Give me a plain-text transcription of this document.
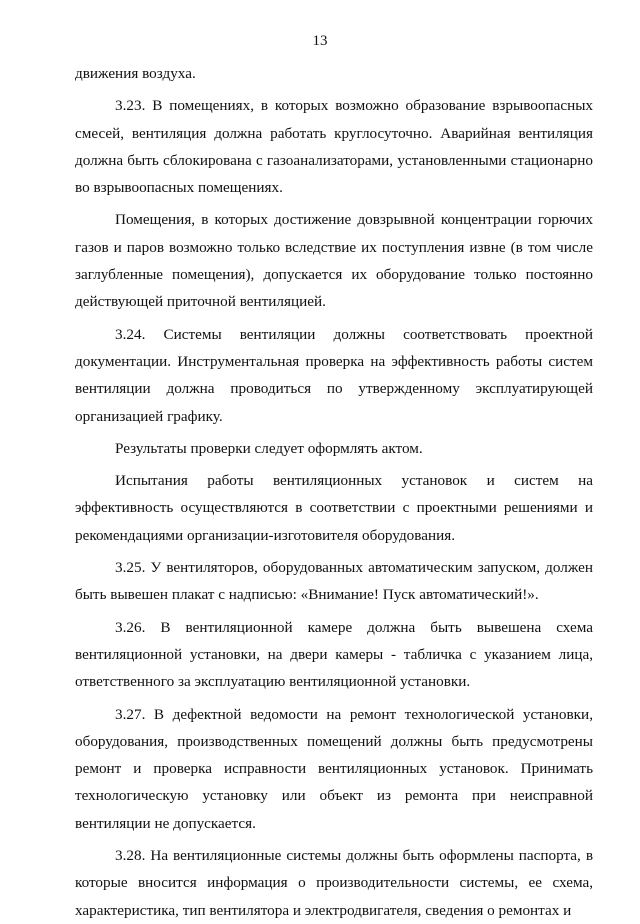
13

движения воздуха.

3.23. В помещениях, в которых возможно образование взрывоопасных смесей, вентиляция должна работать круглосуточно. Аварийная вентиляция должна быть сблокирована с газоанализаторами, установленными стационарно во взрывоопасных помещениях.

Помещения, в которых достижение довзрывной концентрации горючих газов и паров возможно только вследствие их поступления извне (в том числе заглубленные помещения), допускается их оборудование только постоянно действующей приточной вентиляцией.

3.24. Системы вентиляции должны соответствовать проектной документации. Инструментальная проверка на эффективность работы систем вентиляции должна проводиться по утвержденному эксплуатирующей организацией графику.

Результаты проверки следует оформлять актом.

Испытания работы вентиляционных установок и систем на эффективность осуществляются в соответствии с проектными решениями и рекомендациями организации-изготовителя оборудования.

3.25. У вентиляторов, оборудованных автоматическим запуском, должен быть вывешен плакат с надписью: «Внимание! Пуск автоматический!».

3.26. В вентиляционной камере должна быть вывешена схема вентиляционной установки, на двери камеры - табличка с указанием лица, ответственного за эксплуатацию вентиляционной установки.

3.27. В дефектной ведомости на ремонт технологической установки, оборудования, производственных помещений должны быть предусмотрены ремонт и проверка исправности вентиляционных установок. Принимать технологическую установку или объект из ремонта при неисправной вентиляции не допускается.

3.28. На вентиляционные системы должны быть оформлены паспорта, в которые вносится информация о производительности системы, ее схема, характеристика, тип вентилятора и электродвигателя, сведения о ремонтах и
